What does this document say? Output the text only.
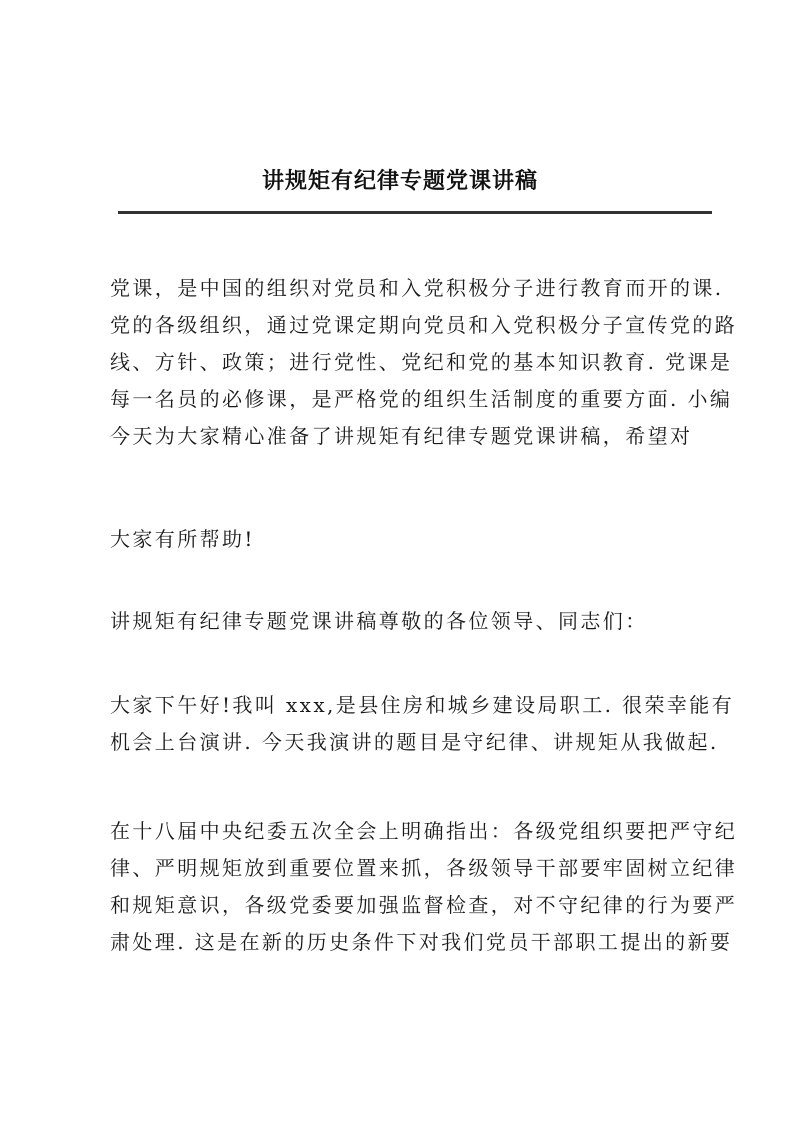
讲规矩有纪律专题党课讲稿
党课，是中国的组织对党员和入党积极分子进行教育而开的课.
党的各级组织，通过党课定期向党员和入党积极分子宣传党的路
线、方针、政策；进行党性、党纪和党的基本知识教育. 党课是
每一名员的必修课，是严格党的组织生活制度的重要方面. 小编
今天为大家精心准备了讲规矩有纪律专题党课讲稿，希望对
大家有所帮助!
讲规矩有纪律专题党课讲稿尊敬的各位领导、同志们：
大家下午好!我叫 xxx,是县住房和城乡建设局职工. 很荣幸能有
机会上台演讲. 今天我演讲的题目是守纪律、讲规矩从我做起.
在十八届中央纪委五次全会上明确指出：各级党组织要把严守纪
律、严明规矩放到重要位置来抓，各级领导干部要牢固树立纪律
和规矩意识，各级党委要加强监督检查，对不守纪律的行为要严
肃处理. 这是在新的历史条件下对我们党员干部职工提出的新要
